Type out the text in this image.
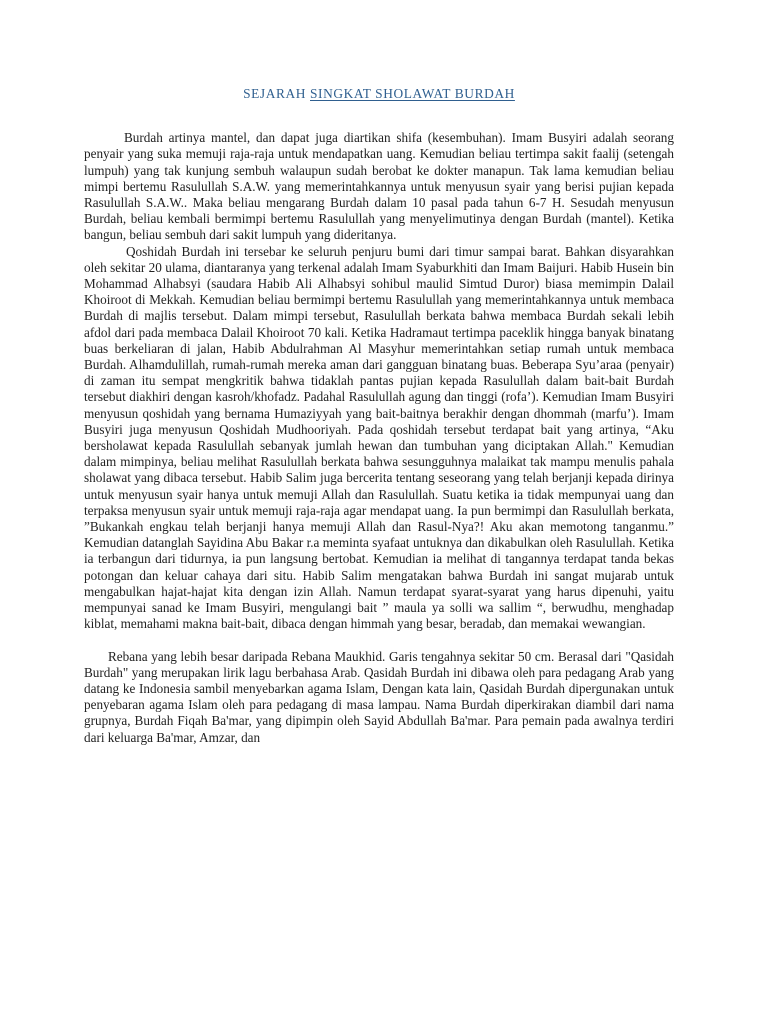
SEJARAH SINGKAT SHOLAWAT BURDAH

Burdah artinya mantel, dan dapat juga diartikan shifa (kesembuhan). Imam Busyiri adalah seorang penyair yang suka memuji raja-raja untuk mendapatkan uang. Kemudian beliau tertimpa sakit faalij (setengah lumpuh) yang tak kunjung sembuh walaupun sudah berobat ke dokter manapun. Tak lama kemudian beliau mimpi bertemu Rasulullah S.A.W. yang memerintahkannya untuk menyusun syair yang berisi pujian kepada Rasulullah S.A.W.. Maka beliau mengarang Burdah dalam 10 pasal pada tahun 6-7 H. Sesudah menyusun Burdah, beliau kembali bermimpi bertemu Rasulullah yang menyelimutinya dengan Burdah (mantel). Ketika bangun, beliau sembuh dari sakit lumpuh yang dideritanya.

Qoshidah Burdah ini tersebar ke seluruh penjuru bumi dari timur sampai barat. Bahkan disyarahkan oleh sekitar 20 ulama, diantaranya yang terkenal adalah Imam Syaburkhiti dan Imam Baijuri. Habib Husein bin Mohammad Alhabsyi (saudara Habib Ali Alhabsyi sohibul maulid Simtud Duror) biasa memimpin Dalail Khoiroot di Mekkah. Kemudian beliau bermimpi bertemu Rasulullah yang memerintahkannya untuk membaca Burdah di majlis tersebut. Dalam mimpi tersebut, Rasulullah berkata bahwa membaca Burdah sekali lebih afdol dari pada membaca Dalail Khoiroot 70 kali. Ketika Hadramaut tertimpa paceklik hingga banyak binatang buas berkeliaran di jalan, Habib Abdulrahman Al Masyhur memerintahkan setiap rumah untuk membaca Burdah. Alhamdulillah, rumah-rumah mereka aman dari gangguan binatang buas. Beberapa Syu’araa (penyair) di zaman itu sempat mengkritik bahwa tidaklah pantas pujian kepada Rasulullah dalam bait-bait Burdah tersebut diakhiri dengan kasroh/khofadz. Padahal Rasulullah agung dan tinggi (rofa’). Kemudian Imam Busyiri menyusun qoshidah yang bernama Humaziyyah yang bait-baitnya berakhir dengan dhommah (marfu’). Imam Busyiri juga menyusun Qoshidah Mudhooriyah. Pada qoshidah tersebut terdapat bait yang artinya, “Aku bersholawat kepada Rasulullah sebanyak jumlah hewan dan tumbuhan yang diciptakan Allah." Kemudian dalam mimpinya, beliau melihat Rasulullah berkata bahwa sesungguhnya malaikat tak mampu menulis pahala sholawat yang dibaca tersebut. Habib Salim juga bercerita tentang seseorang yang telah berjanji kepada dirinya untuk menyusun syair hanya untuk memuji Allah dan Rasulullah. Suatu ketika ia tidak mempunyai uang dan terpaksa menyusun syair untuk memuji raja-raja agar mendapat uang. Ia pun bermimpi dan Rasulullah berkata, ”Bukankah engkau telah berjanji hanya memuji Allah dan Rasul-Nya?! Aku akan memotong tanganmu.” Kemudian datanglah Sayidina Abu Bakar r.a meminta syafaat untuknya dan dikabulkan oleh Rasulullah. Ketika ia terbangun dari tidurnya, ia pun langsung bertobat. Kemudian ia melihat di tangannya terdapat tanda bekas potongan dan keluar cahaya dari situ. Habib Salim mengatakan bahwa Burdah ini sangat mujarab untuk mengabulkan hajat-hajat kita dengan izin Allah. Namun terdapat syarat-syarat yang harus dipenuhi, yaitu mempunyai sanad ke Imam Busyiri, mengulangi bait ” maula ya solli wa sallim “, berwudhu, menghadap kiblat, memahami makna bait-bait, dibaca dengan himmah yang besar, beradab, dan memakai wewangian.

Rebana yang lebih besar daripada Rebana Maukhid. Garis tengahnya sekitar 50 cm. Berasal dari "Qasidah Burdah" yang merupakan lirik lagu berbahasa Arab. Qasidah Burdah ini dibawa oleh para pedagang Arab yang datang ke Indonesia sambil menyebarkan agama Islam, Dengan kata lain, Qasidah Burdah dipergunakan untuk penyebaran agama Islam oleh para pedagang di masa lampau. Nama Burdah diperkirakan diambil dari nama grupnya, Burdah Fiqah Ba'mar, yang dipimpin oleh Sayid Abdullah Ba'mar. Para pemain pada awalnya terdiri dari keluarga Ba'mar, Amzar, dan
